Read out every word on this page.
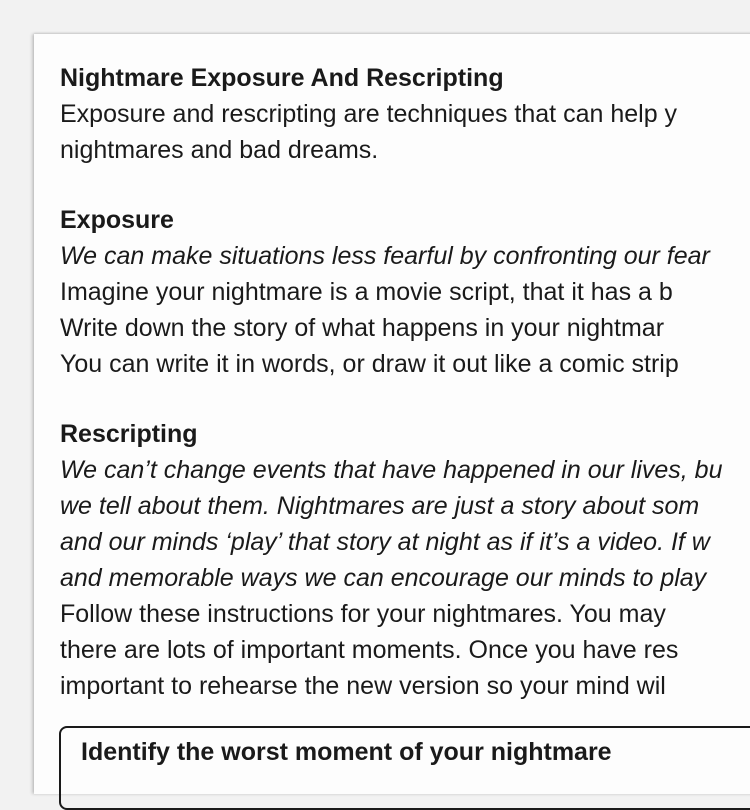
Nightmare Exposure And Rescripting
Exposure and rescripting are techniques that can help y
nightmares and bad dreams.
Exposure
We can make situations less fearful by confronting our fear
Imagine your nightmare is a movie script, that it has a b
Write down the story of what happens in your nightmar
You can write it in words, or draw it out like a comic strip
Rescripting
We can’t change events that have happened in our lives, bu
we tell about them. Nightmares are just a story about som
and our minds ‘play’ that story at night as if it’s a video. If w
and memorable ways we can encourage our minds to play
Follow these instructions for your nightmares. You may
there are lots of important moments. Once you have res
important to rehearse the new version so your mind wil
Identify the worst moment of your nightmare
